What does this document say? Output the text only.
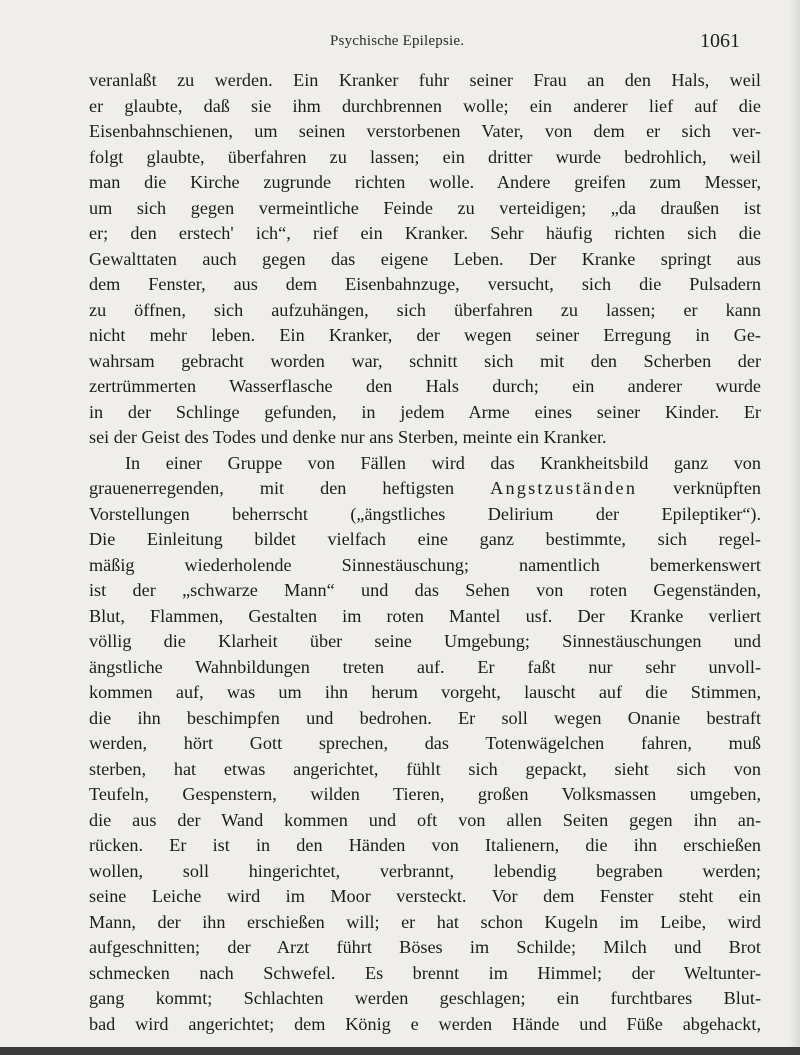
Psychische Epilepsie.	1061
veranlaßt zu werden. Ein Kranker fuhr seiner Frau an den Hals, weil
er glaubte, daß sie ihm durchbrennen wolle; ein anderer lief auf die
Eisenbahnschienen, um seinen verstorbenen Vater, von dem er sich ver-
folgt glaubte, überfahren zu lassen; ein dritter wurde bedrohlich, weil
man die Kirche zugrunde richten wolle. Andere greifen zum Messer,
um sich gegen vermeintliche Feinde zu verteidigen; „da draußen ist
er; den erstech' ich“, rief ein Kranker. Sehr häufig richten sich die
Gewalttaten auch gegen das eigene Leben. Der Kranke springt aus
dem Fenster, aus dem Eisenbahnzuge, versucht, sich die Pulsadern
zu öffnen, sich aufzuhängen, sich überfahren zu lassen; er kann
nicht mehr leben. Ein Kranker, der wegen seiner Erregung in Ge-
wahrsam gebracht worden war, schnitt sich mit den Scherben der
zertrümmerten Wasserflasche den Hals durch; ein anderer wurde
in der Schlinge gefunden, in jedem Arme eines seiner Kinder. Er
sei der Geist des Todes und denke nur ans Sterben, meinte ein Kranker.
In einer Gruppe von Fällen wird das Krankheitsbild ganz von
grauenerregenden, mit den heftigsten Angstzuständen verknüpften
Vorstellungen beherrscht („ängstliches Delirium der Epileptiker“).
Die Einleitung bildet vielfach eine ganz bestimmte, sich regel-
mäßig wiederholende Sinnestäuschung; namentlich bemerkenswert
ist der „schwarze Mann“ und das Sehen von roten Gegenständen,
Blut, Flammen, Gestalten im roten Mantel usf. Der Kranke verliert
völlig die Klarheit über seine Umgebung; Sinnestäuschungen und
ängstliche Wahnbildungen treten auf. Er faßt nur sehr unvoll-
kommen auf, was um ihn herum vorgeht, lauscht auf die Stimmen,
die ihn beschimpfen und bedrohen. Er soll wegen Onanie bestraft
werden, hört Gott sprechen, das Totenwägelchen fahren, muß
sterben, hat etwas angerichtet, fühlt sich gepackt, sieht sich von
Teufeln, Gespenstern, wilden Tieren, großen Volksmassen umgeben,
die aus der Wand kommen und oft von allen Seiten gegen ihn an-
rücken. Er ist in den Händen von Italienern, die ihn erschießen
wollen, soll hingerichtet, verbrannt, lebendig begraben werden;
seine Leiche wird im Moor versteckt. Vor dem Fenster steht ein
Mann, der ihn erschießen will; er hat schon Kugeln im Leibe, wird
aufgeschnitten; der Arzt führt Böses im Schilde; Milch und Brot
schmecken nach Schwefel. Es brennt im Himmel; der Weltunter-
gang kommt; Schlachten werden geschlagen; ein furchtbares Blut-
bad wird angerichtet; dem König e werden Hände und Füße abgehackt,
